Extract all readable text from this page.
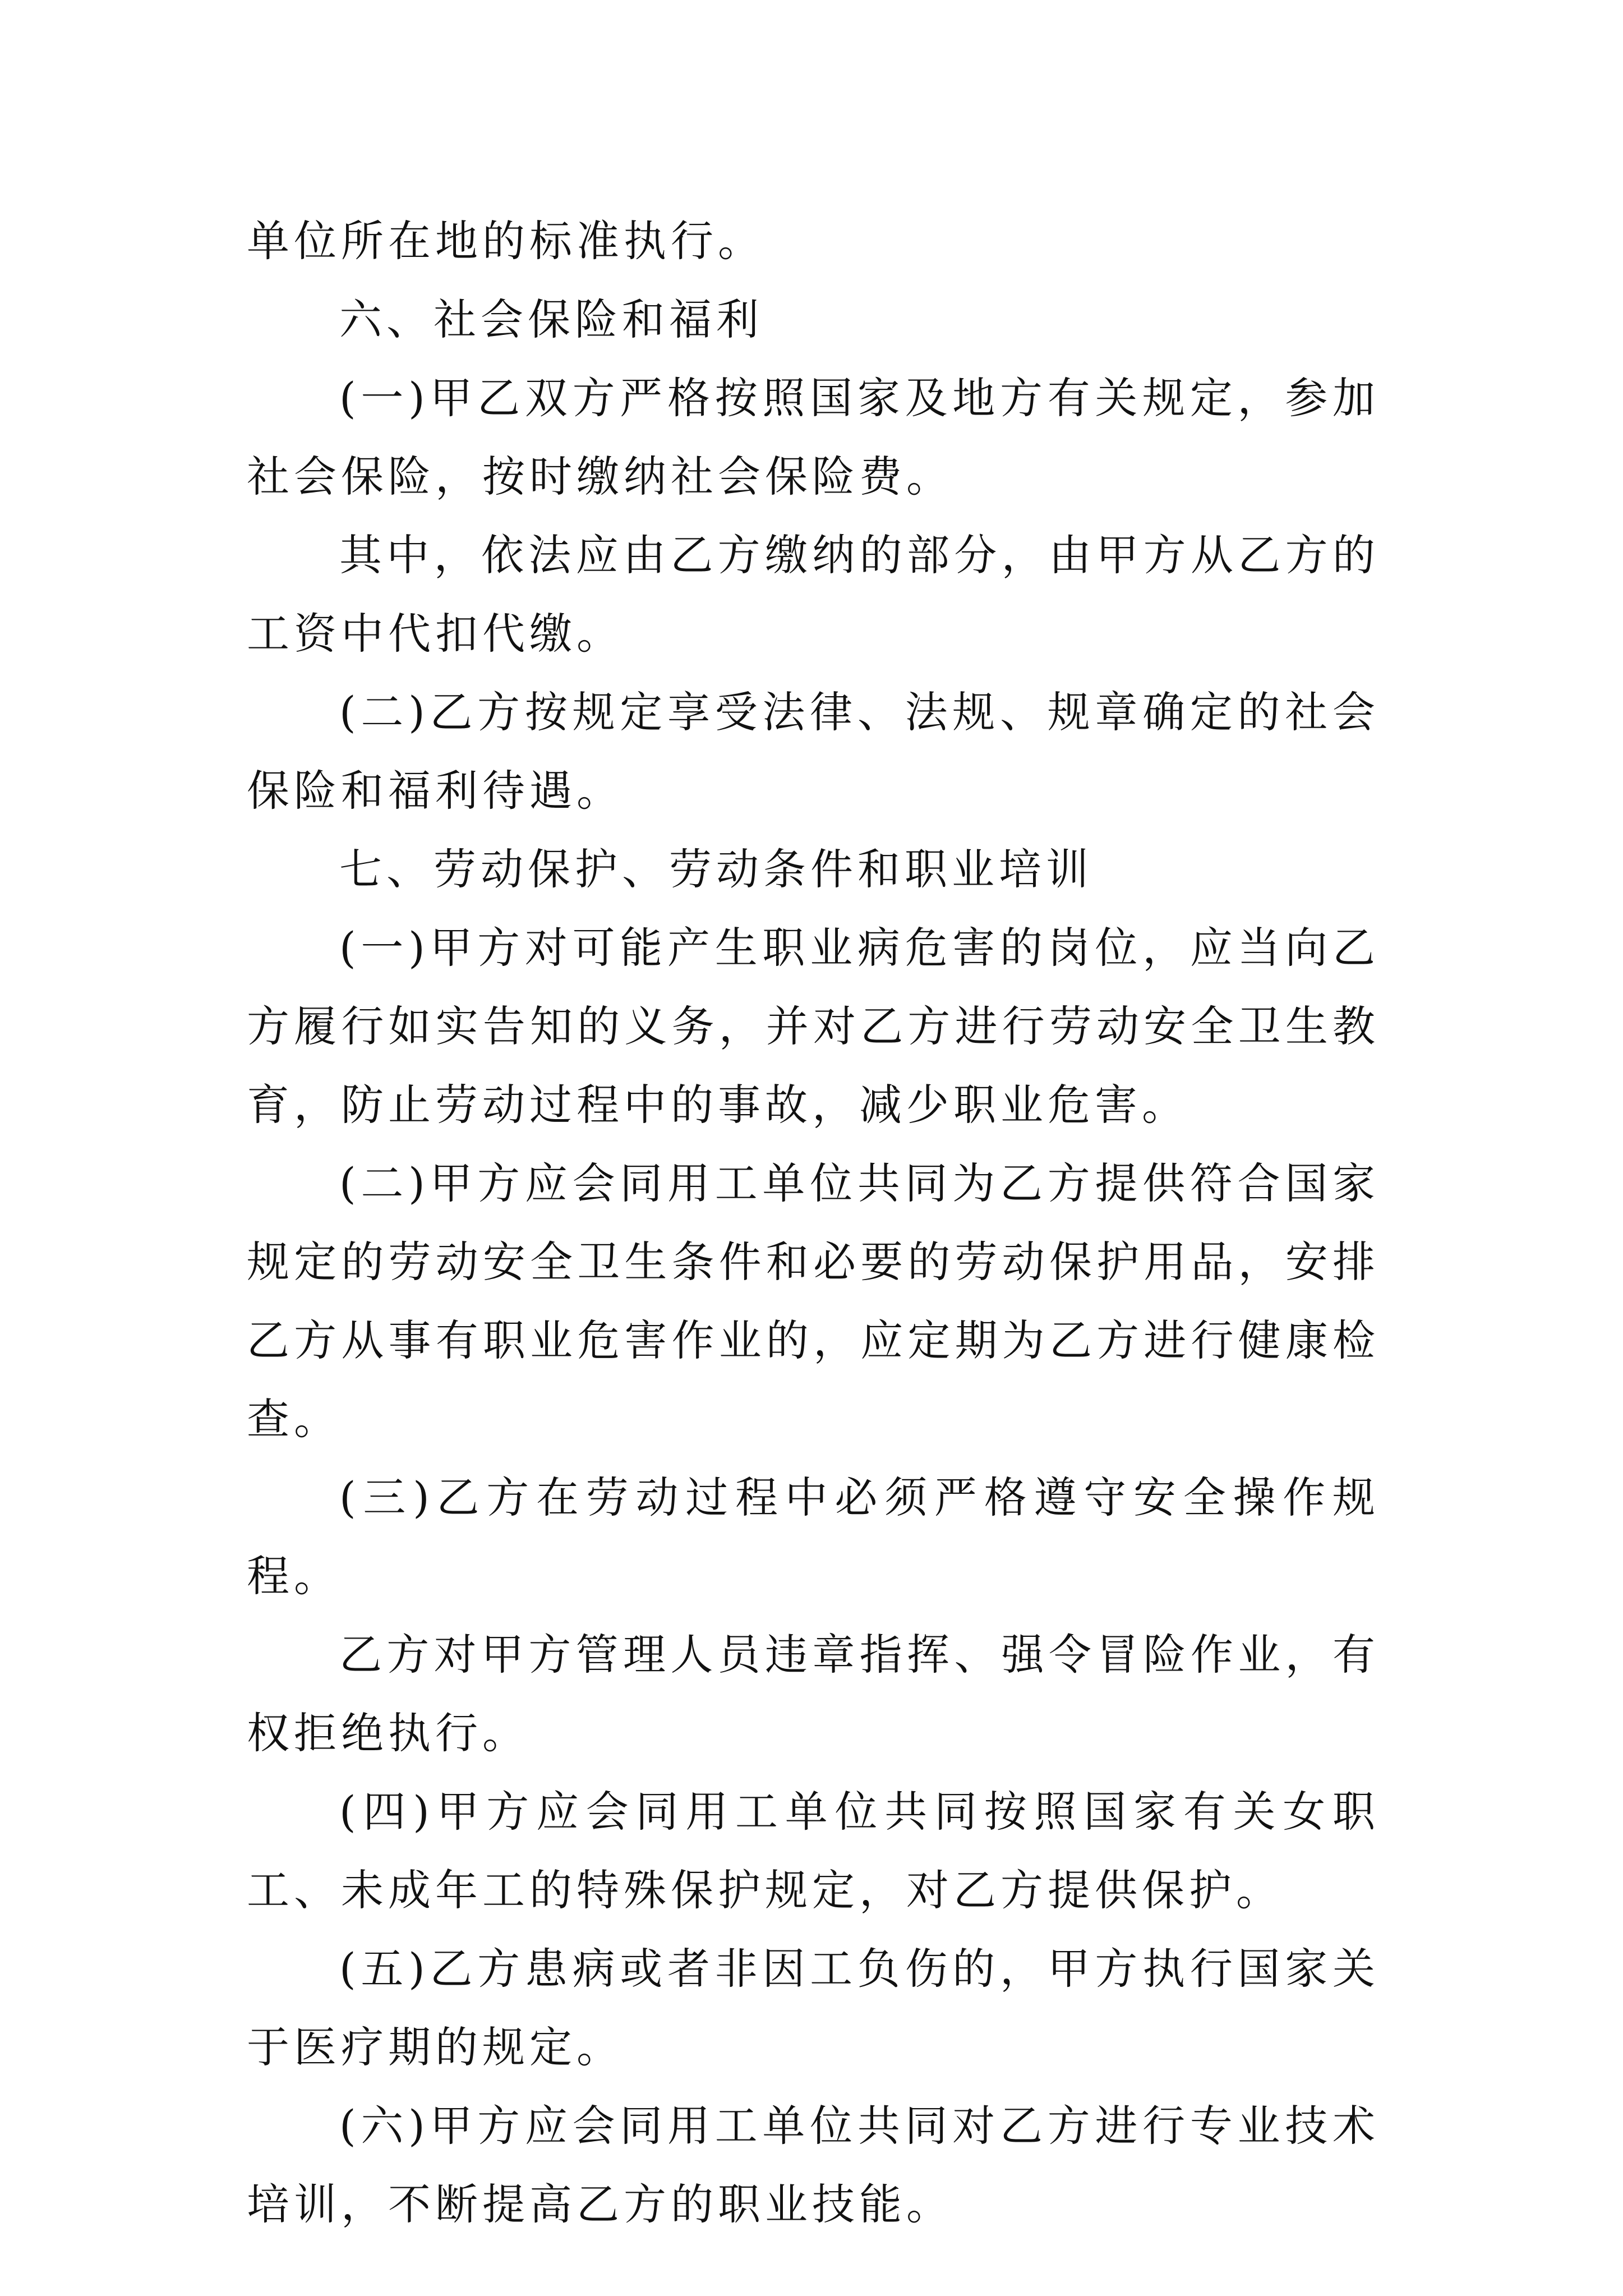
单位所在地的标准执行。

六、社会保险和福利

(一)甲乙双方严格按照国家及地方有关规定，参加社会保险，按时缴纳社会保险费。

其中，依法应由乙方缴纳的部分，由甲方从乙方的工资中代扣代缴。

(二)乙方按规定享受法律、法规、规章确定的社会保险和福利待遇。

七、劳动保护、劳动条件和职业培训

(一)甲方对可能产生职业病危害的岗位，应当向乙方履行如实告知的义务，并对乙方进行劳动安全卫生教育，防止劳动过程中的事故，减少职业危害。

(二)甲方应会同用工单位共同为乙方提供符合国家规定的劳动安全卫生条件和必要的劳动保护用品，安排乙方从事有职业危害作业的，应定期为乙方进行健康检查。

(三)乙方在劳动过程中必须严格遵守安全操作规程。

乙方对甲方管理人员违章指挥、强令冒险作业，有权拒绝执行。

(四)甲方应会同用工单位共同按照国家有关女职工、未成年工的特殊保护规定，对乙方提供保护。

(五)乙方患病或者非因工负伤的，甲方执行国家关于医疗期的规定。

(六)甲方应会同用工单位共同对乙方进行专业技术培训，不断提高乙方的职业技能。
